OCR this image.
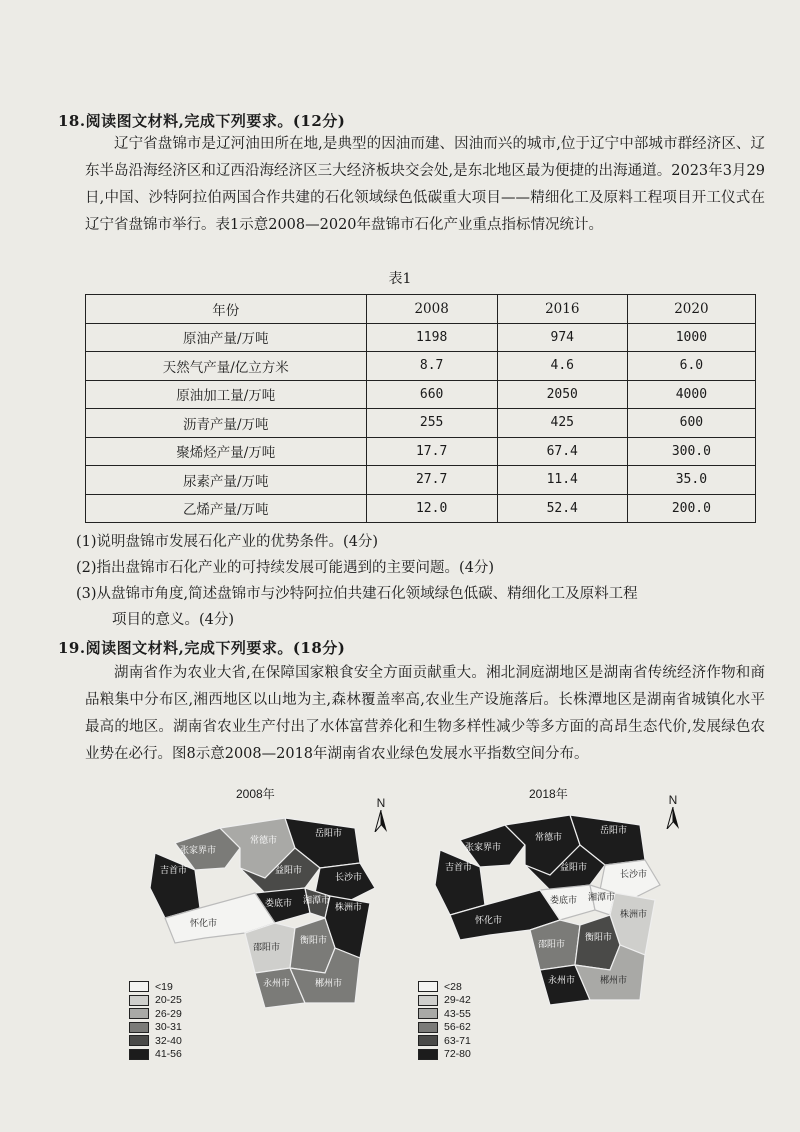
18.阅读图文材料,完成下列要求。(12分)

辽宁省盘锦市是辽河油田所在地,是典型的因油而建、因油而兴的城市,位于辽宁中部城市群经济区、辽东半岛沿海经济区和辽西沿海经济区三大经济板块交会处,是东北地区最为便捷的出海通道。2023年3月29日,中国、沙特阿拉伯两国合作共建的石化领域绿色低碳重大项目——精细化工及原料工程项目开工仪式在辽宁省盘锦市举行。表1示意2008—2020年盘锦市石化产业重点指标情况统计。

表1
年份	2008	2016	2020
原油产量/万吨	1198	974	1000
天然气产量/亿立方米	8.7	4.6	6.0
原油加工量/万吨	660	2050	4000
沥青产量/万吨	255	425	600
聚烯烃产量/万吨	17.7	67.4	300.0
尿素产量/万吨	27.7	11.4	35.0
乙烯产量/万吨	12.0	52.4	200.0
(1)说明盘锦市发展石化产业的优势条件。(4分)
(2)指出盘锦市石化产业的可持续发展可能遇到的主要问题。(4分)
(3)从盘锦市角度,简述盘锦市与沙特阿拉伯共建石化领域绿色低碳、精细化工及原料工程
项目的意义。(4分)
19.阅读图文材料,完成下列要求。(18分)

湖南省作为农业大省,在保障国家粮食安全方面贡献重大。湘北洞庭湖地区是湖南省传统经济作物和商品粮集中分布区,湘西地区以山地为主,森林覆盖率高,农业生产设施落后。长株潭地区是湖南省城镇化水平最高的地区。湖南省农业生产付出了水体富营养化和生物多样性减少等多方面的高昂生态代价,发展绿色农业势在必行。图8示意2008—2018年湖南省农业绿色发展水平指数空间分布。

2008年
N
张家界市
常德市
岳阳市
吉首市	益阳市
长沙市
娄底市 湘潭市
株洲市
怀化市
邵阳市
衡阳市
永州市	郴州市
<19
20-25
26-29
30-31
32-40
41-56
2018年	N
张家界市
常德市
岳阳市
吉首市	益阳市
长沙市
娄底市 湘潭市
株洲市
怀化市
邵阳市
衡阳市
永州市	郴州市
<28
29-42
43-55
56-62
63-71
72-80
